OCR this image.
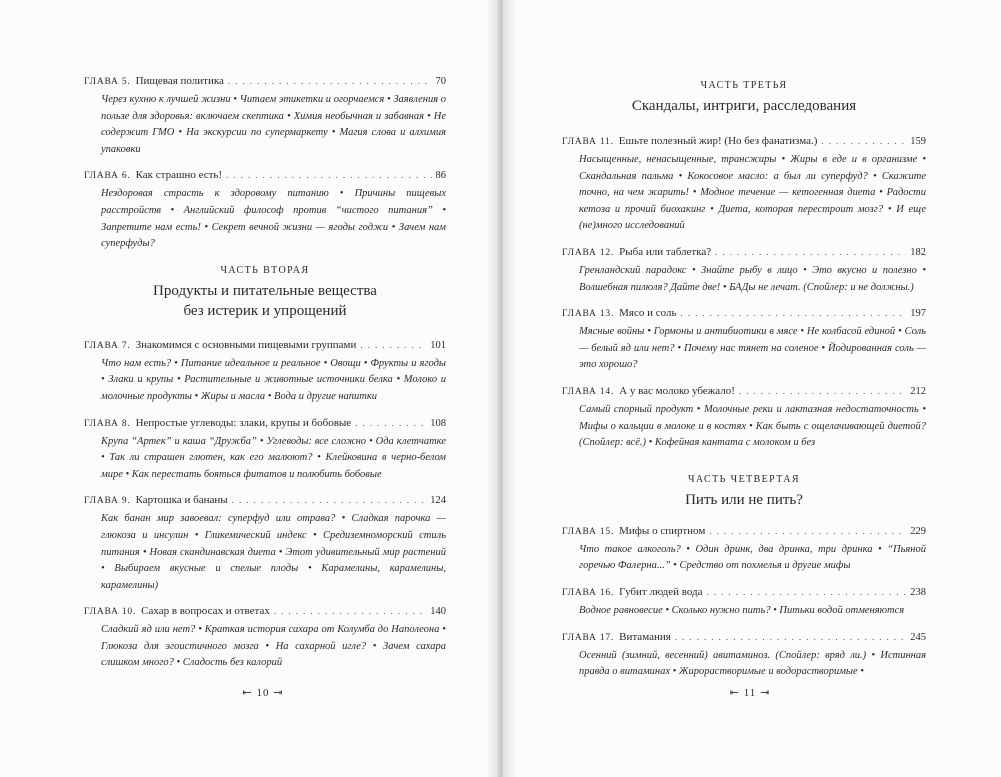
ГЛАВА 5. Пищевая политика . . .	70
Через кухню к лучшей жизни • Читаем этикетки и огорчаемся • Заявления о пользе для здоровья: включаем скептика • Химия необычная и забавная • Не содержит ГМО • На экскурсии по супермаркету • Магия слова и алхимия упаковки
ГЛАВА 6. Как страшно есть! . . .	86
Нездоровая страсть к здоровому питанию • Причины пищевых расстройств • Английский философ против “чистого питания” • Запретите нам есть! • Секрет вечной жизни — ягоды годжи • Зачем нам суперфуды?
ЧАСТЬ ВТОРАЯ
Продукты и питательные вещества
без истерик и упрощений
ГЛАВА 7. Знакомимся с основными пищевыми группами . . .	101
Что нам есть? • Питание идеальное и реальное • Овощи • Фрукты и ягоды • Злаки и крупы • Растительные и животные источники белка • Молоко и молочные продукты • Жиры и масла • Вода и другие напитки
ГЛАВА 8. Непростые углеводы: злаки, крупы и бобовые . . .	108
Крупа “Артек” и каша “Дружба” • Углеводы: все сложно • Ода клетчатке • Так ли страшен глютен, как его малюют? • Клейковина в черно-белом мире • Как перестать бояться фитатов и полюбить бобовые
ГЛАВА 9. Картошка и бананы . . .	124
Как банан мир завоевал: суперфуд или отрава? • Сладкая парочка — глюкоза и инсулин • Гликемический индекс • Средиземноморский стиль питания • Новая скандинавская диета • Этот удивительный мир растений • Выбираем вкусные и спелые плоды • Карамелины, карамелины, карамелины)
ГЛАВА 10. Сахар в вопросах и ответах . . .	140
Сладкий яд или нет? • Краткая история сахара от Колумба до Наполеона • Глюкоза для эгоистичного мозга • На сахарной игле? • Зачем сахара слишком много? • Сладость без калорий
⇤ 10 ⇥
ЧАСТЬ ТРЕТЬЯ
Скандалы, интриги, расследования
ГЛАВА 11. Ешьте полезный жир! (Но без фанатизма.) . . .	159
Насыщенные, ненасыщенные, трансжиры • Жиры в еде и в организме • Скандальная пальма • Кокосовое масло: а был ли суперфуд? • Скажите точно, на чем жарить! • Модное течение — кетогенная диета • Радости кетоза и прочий биохакинг • Диета, которая перестроит мозг? • И еще (не)много исследований
ГЛАВА 12. Рыба или таблетка? . . .	182
Гренландский парадокс • Знайте рыбу в лицо • Это вкусно и полезно • Волшебная пилюля? Дайте две! • БАДы не лечат. (Спойлер: и не должны.)
ГЛАВА 13. Мясо и соль . . .	197
Мясные войны • Гормоны и антибиотики в мясе • Не колбасой единой • Соль — белый яд или нет? • Почему нас тянет на соленое • Йодированная соль — это хорошо?
ГЛАВА 14. А у вас молоко убежало! . . .	212
Самый спорный продукт • Молочные реки и лактазная недостаточность • Мифы о кальции в молоке и в костях • Как быть с ощелачивающей диетой? (Спойлер: всё.) • Кофейная кантата с молоком и без
ЧАСТЬ ЧЕТВЕРТАЯ
Пить или не пить?
ГЛАВА 15. Мифы о спиртном . . .	229
Что такое алкоголь? • Один дринк, два дринка, три дринка • “Пьяной горечью Фалерна...” • Средство от похмелья и другие мифы
ГЛАВА 16. Губит людей вода . . .	238
Водное равновесие • Сколько нужно пить? • Питьки водой отменяются
ГЛАВА 17. Витамания . . .	245
Осенний (зимний, весенний) авитаминоз. (Спойлер: вряд ли.) • Истинная правда о витаминах • Жирорастворимые и водорастворимые •
⇤ 11 ⇥
